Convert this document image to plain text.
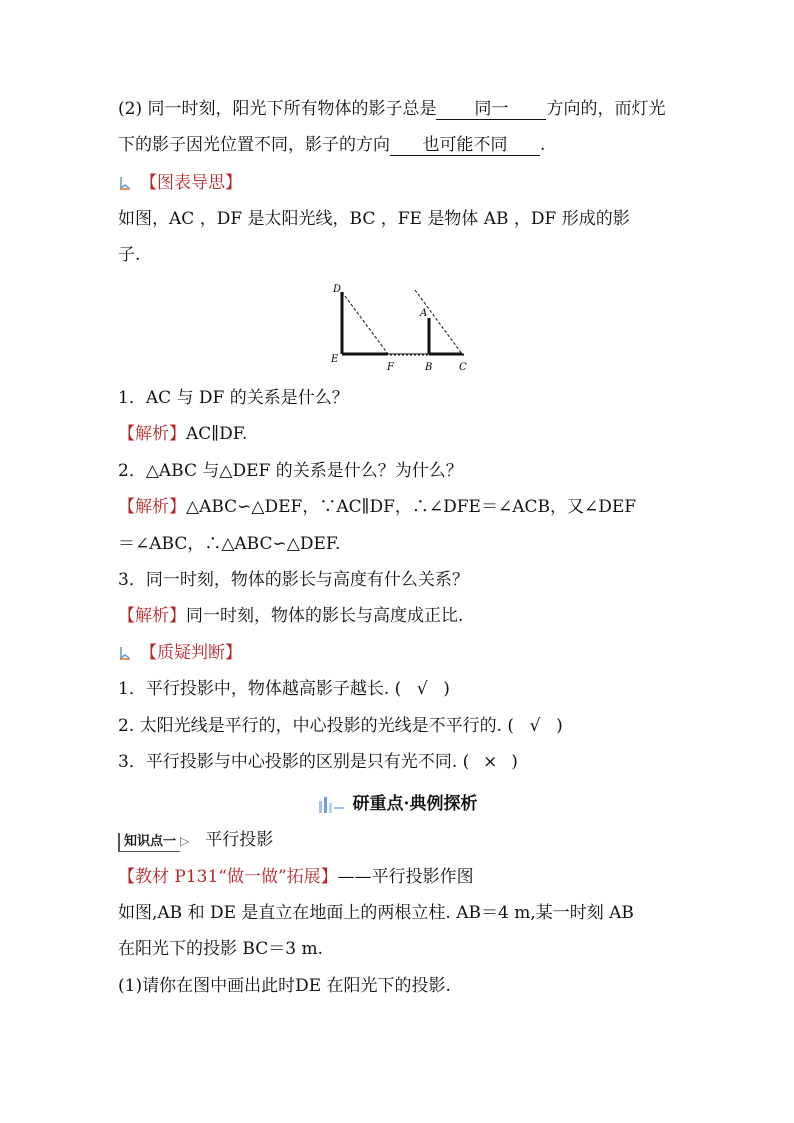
(2) 同一时刻，阳光下所有物体的影子总是 同一 方向的，而灯光
下的影子因光位置不同，影子的方向 也可能不同 .
【图表导思】
如图，AC ，DF 是太阳光线，BC ，FE 是物体 AB ，DF 形成的影
子.
D
E
F
A
B	C
1．AC 与 DF 的关系是什么？
【解析】AC∥DF.
2．△ABC 与△DEF 的关系是什么？为什么？
【解析】△ABC∽△DEF，∵AC∥DF，∴∠DFE＝∠ACB，又∠DEF
＝∠ABC，∴△ABC∽△DEF.
3．同一时刻，物体的影长与高度有什么关系？
【解析】同一时刻，物体的影长与高度成正比.
【质疑判断】
1．平行投影中，物体越高影子越长. ( √ )
2. 太阳光线是平行的，中心投影的光线是不平行的. ( √ )
3．平行投影与中心投影的区别是只有光不同. ( × )
研重点·典例探析
知识点一 ▷ 平行投影
【教材 P131“做一做”拓展】——平行投影作图
如图,AB 和 DE 是直立在地面上的两根立柱. AB＝4 m,某一时刻 AB
在阳光下的投影 BC＝3 m.
(1)请你在图中画出此时DE 在阳光下的投影.
